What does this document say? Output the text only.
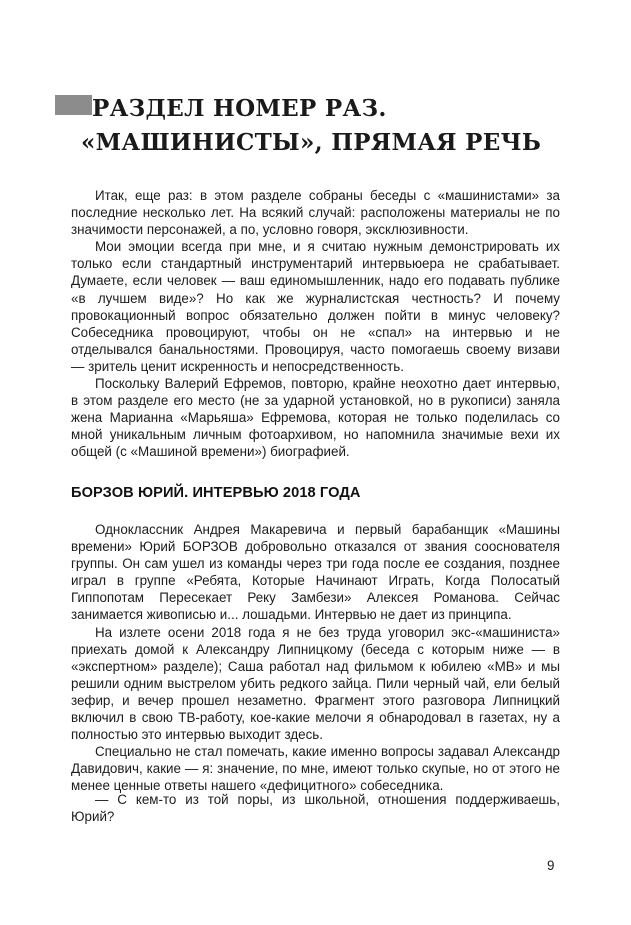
РАЗДЕЛ НОМЕР РАЗ.
«МАШИНИСТЫ», ПРЯМАЯ РЕЧЬ

Итак, еще раз: в этом разделе собраны беседы с «машинистами» за последние несколько лет. На всякий случай: расположены материалы не по значимости персонажей, а по, условно говоря, эксклюзивности.

Мои эмоции всегда при мне, и я считаю нужным демонстрировать их только если стандартный инструментарий интервьюера не срабатывает. Думаете, если человек — ваш единомышленник, надо его подавать публике «в лучшем виде»? Но как же журналистская честность? И почему провокационный вопрос обязательно должен пойти в минус человеку? Собеседника провоцируют, чтобы он не «спал» на интервью и не отделывался банальностями. Провоцируя, часто помогаешь своему визави — зритель ценит искренность и непосредственность.

Поскольку Валерий Ефремов, повторю, крайне неохотно дает интервью, в этом разделе его место (не за ударной установкой, но в рукописи) заняла жена Марианна «Марьяша» Ефремова, которая не только поделилась со мной уникальным личным фотоархивом, но напомнила значимые вехи их общей (с «Машиной времени») биографией.

БОРЗОВ ЮРИЙ. ИНТЕРВЬЮ 2018 ГОДА

Одноклассник Андрея Макаревича и первый барабанщик «Машины времени» Юрий БОРЗОВ добровольно отказался от звания сооснователя группы. Он сам ушел из команды через три года после ее создания, позднее играл в группе «Ребята, Которые Начинают Играть, Когда Полосатый Гиппопотам Пересекает Реку Замбези» Алексея Романова. Сейчас занимается живописью и... лошадьми. Интервью не дает из принципа.

На излете осени 2018 года я не без труда уговорил экс-«машиниста» приехать домой к Александру Липницкому (беседа с которым ниже — в «экспертном» разделе); Саша работал над фильмом к юбилею «МВ» и мы решили одним выстрелом убить редкого зайца. Пили черный чай, ели белый зефир, и вечер прошел незаметно. Фрагмент этого разговора Липницкий включил в свою ТВ-работу, кое-какие мелочи я обнародовал в газетах, ну а полностью это интервью выходит здесь.

Специально не стал помечать, какие именно вопросы задавал Александр Давидович, какие — я: значение, по мне, имеют только скупые, но от этого не менее ценные ответы нашего «дефицитного» собеседника.

— С кем-то из той поры, из школьной, отношения поддерживаешь, Юрий?

9
